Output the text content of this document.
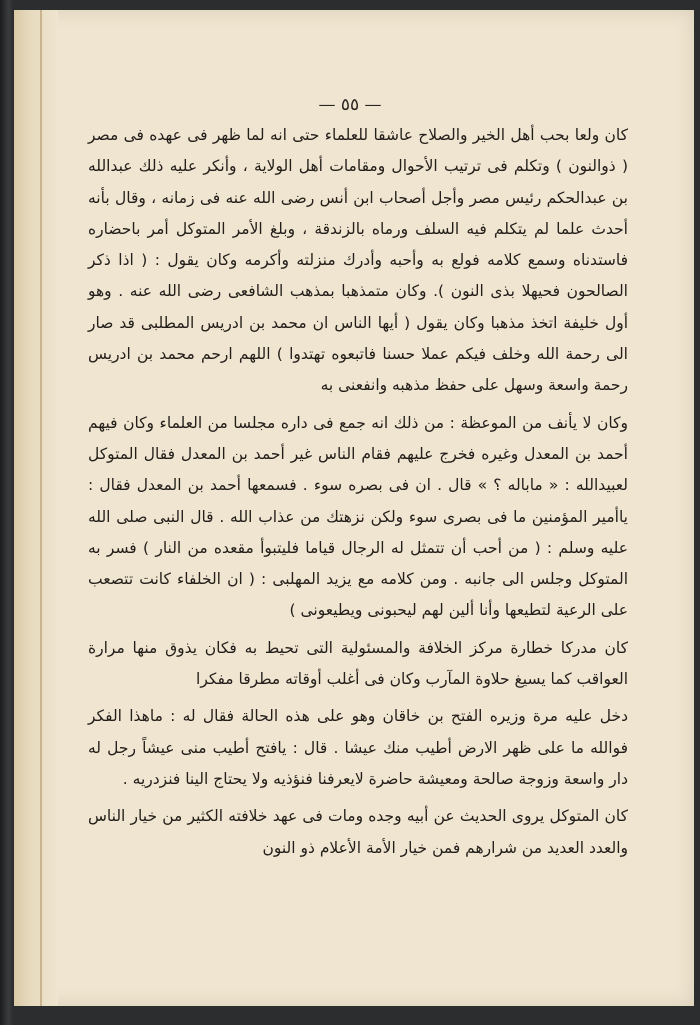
— ٥٥ —

كان ولعا بحب أهل الخير والصلاح عاشقا للعلماء حتى انه لما ظهر فى عهده فى مصر ( ذوالنون ) وتكلم فى ترتيب الأحوال ومقامات أهل الولاية ، وأنكر عليه ذلك عبدالله بن عبدالحكم رئيس مصر وأجل أصحاب ابن أنس رضى الله عنه فى زمانه ، وقال بأنه أحدث علما لم يتكلم فيه السلف ورماه بالزندقة ، وبلغ الأمر المتوكل أمر باحضاره فاستدناه وسمع كلامه فولع به وأحبه وأدرك منزلته وأكرمه وكان يقول : ( اذا ذكر الصالحون فحيهلا بذى النون ). وكان متمذهبا بمذهب الشافعى رضى الله عنه . وهو أول خليفة اتخذ مذهبا وكان يقول ( أيها الناس ان محمد بن ادريس المطلبى قد صار الى رحمة الله وخلف فيكم عملا حسنا فاتبعوه تهتدوا ) اللهم ارحم محمد بن ادريس رحمة واسعة وسهل على حفظ مذهبه وانفعنى به

وكان لا يأنف من الموعظة : من ذلك انه جمع فى داره مجلسا من العلماء وكان فيهم أحمد بن المعدل وغيره فخرج عليهم فقام الناس غير أحمد بن المعدل فقال المتوكل لعبيدالله : « ماباله ؟ » قال . ان فى بصره سوء . فسمعها أحمد بن المعدل فقال : ياأمير المؤمنين ما فى بصرى سوء ولكن نزهتك من عذاب الله . قال النبى صلى الله عليه وسلم : ( من أحب أن تتمثل له الرجال قياما فليتبوأ مقعده من النار ) فسر به المتوكل وجلس الى جانبه . ومن كلامه مع يزيد المهلبى : ( ان الخلفاء كانت تتصعب على الرعية لتطيعها وأنا ألين لهم ليحبونى ويطيعونى )

كان مدركا خطارة مركز الخلافة والمسئولية التى تحيط به فكان يذوق منها مرارة العواقب كما يسيغ حلاوة المآرب وكان فى أغلب أوقاته مطرقا مفكرا

دخل عليه مرة وزيره الفتح بن خاقان وهو على هذه الحالة فقال له : ماهذا الفكر فوالله ما على ظهر الارض أطيب منك عيشا . قال : يافتح أطيب منى عيشاً رجل له دار واسعة وزوجة صالحة ومعيشة حاضرة لايعرفنا فنؤذيه ولا يحتاج الينا فنزدريه .

كان المتوكل يروى الحديث عن أبيه وجده ومات فى عهد خلافته الكثير من خيار الناس والعدد العديد من شرارهم فمن خيار الأمة الأعلام ذو النون
